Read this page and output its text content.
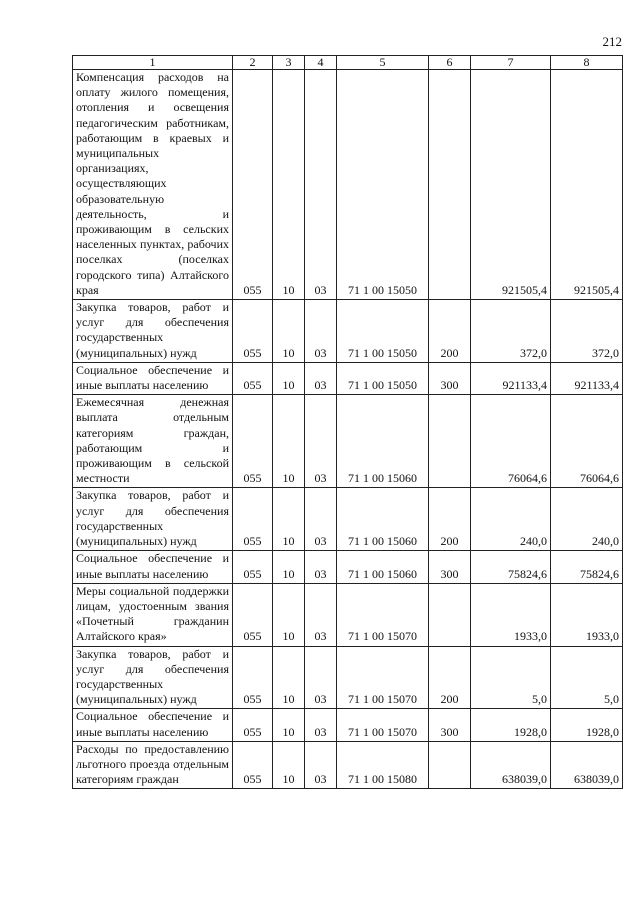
212
1	2	3	4	5	6	7	8
Компенсация расходов на оплату жилого помещения, отопления и освещения педагогическим работникам, работающим в краевых и муниципальных организациях, осуществляющих образовательную деятельность, и проживающим в сельских населенных пунктах, рабочих поселках (поселках городского типа) Алтайского края	055	10	03	71 1 00 15050		921505,4	921505,4
Закупка товаров, работ и услуг для обеспечения государственных (муниципальных) нужд	055	10	03	71 1 00 15050	200	372,0	372,0
Социальное обеспечение и иные выплаты населению	055	10	03	71 1 00 15050	300	921133,4	921133,4
Ежемесячная денежная выплата отдельным категориям граждан, работающим и проживающим в сельской местности	055	10	03	71 1 00 15060		76064,6	76064,6
Закупка товаров, работ и услуг для обеспечения государственных (муниципальных) нужд	055	10	03	71 1 00 15060	200	240,0	240,0
Социальное обеспечение и иные выплаты населению	055	10	03	71 1 00 15060	300	75824,6	75824,6
Меры социальной поддержки лицам, удостоенным звания «Почетный гражданин Алтайского края»	055	10	03	71 1 00 15070		1933,0	1933,0
Закупка товаров, работ и услуг для обеспечения государственных (муниципальных) нужд	055	10	03	71 1 00 15070	200	5,0	5,0
Социальное обеспечение и иные выплаты населению	055	10	03	71 1 00 15070	300	1928,0	1928,0
Расходы по предоставлению льготного проезда отдельным категориям граждан	055	10	03	71 1 00 15080		638039,0	638039,0
